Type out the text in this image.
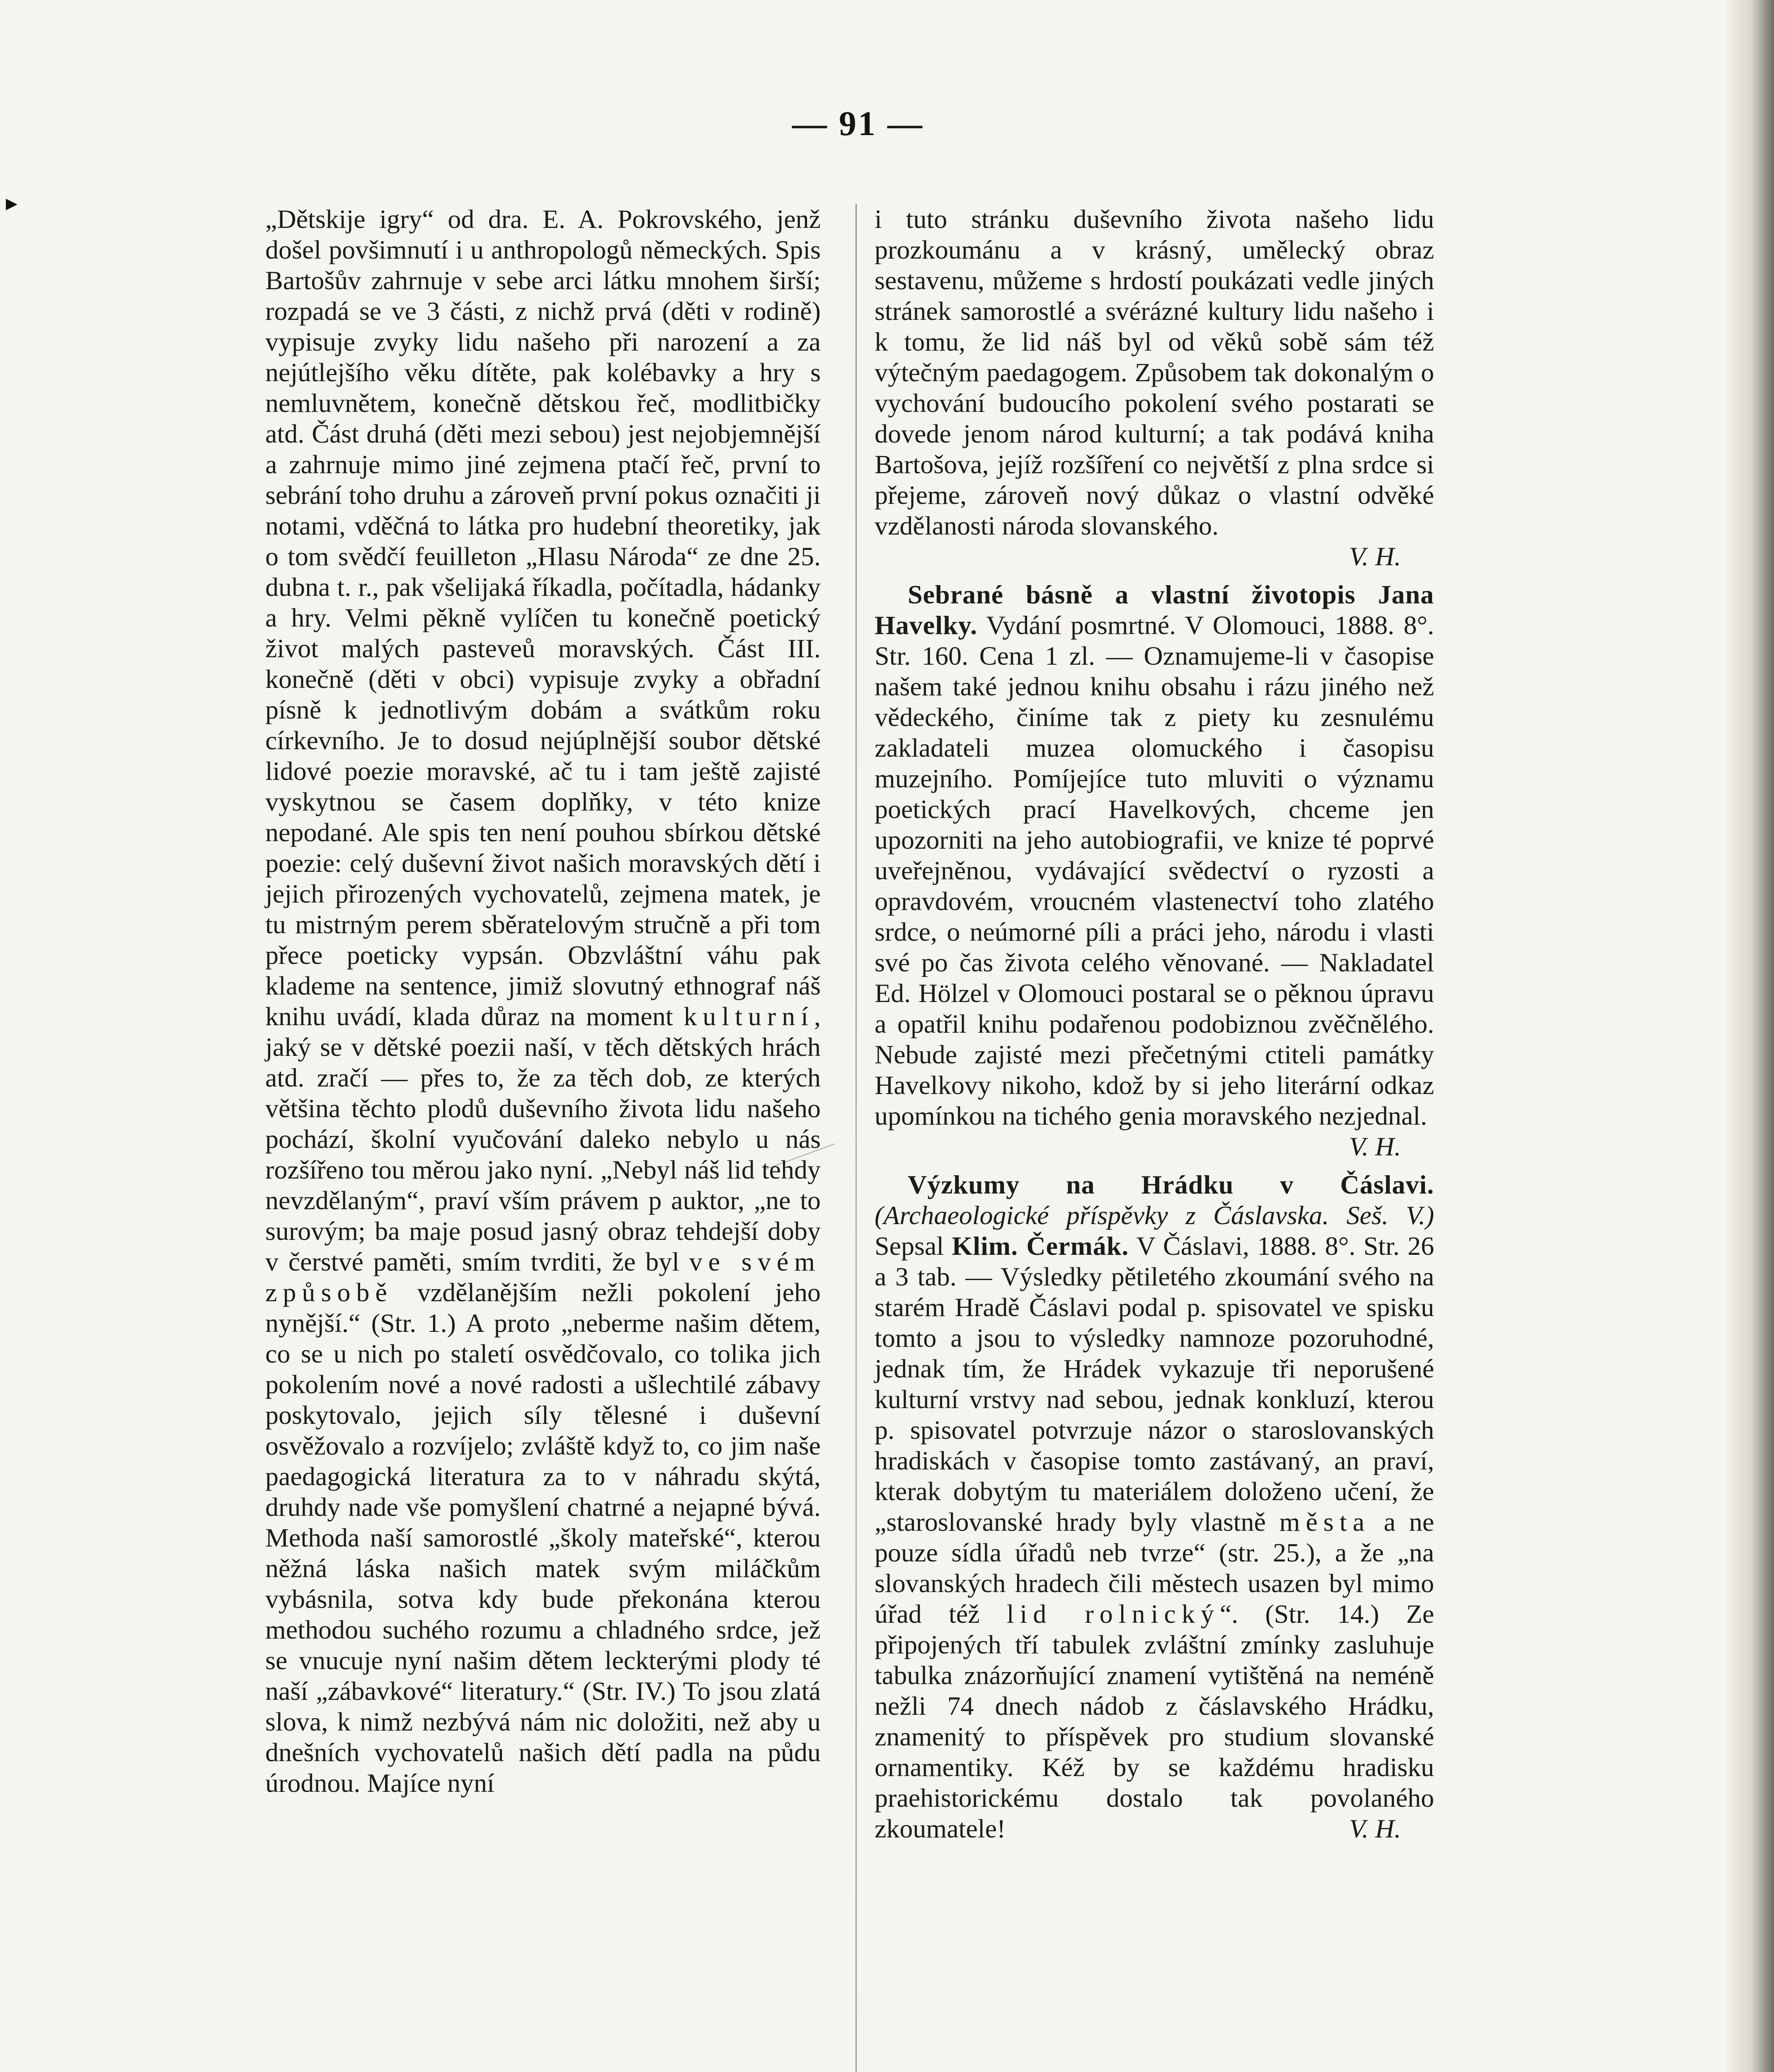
▸
— 91 —

„Dětskije igry“ od dra. E. A. Pokrovského, jenž došel povšimnutí i u anthropologů německých. Spis Bartošův zahrnuje v sebe arci látku mnohem širší; rozpadá se ve 3 části, z nichž prvá (děti v rodině) vypisuje zvyky lidu našeho při narození a za nejútlejšího věku dítěte, pak kolébavky a hry s nemluvnětem, konečně dětskou řeč, modlitbičky atd. Část druhá (děti mezi sebou) jest nejobjemnější a zahrnuje mimo jiné zejmena ptačí řeč, první to sebrání toho druhu a zároveň první pokus označiti ji notami, vděčná to látka pro hudební theoretiky, jak o tom svědčí feuilleton „Hlasu Národa“ ze dne 25. dubna t. r., pak všelijaká říkadla, počítadla, hádanky a hry. Velmi pěkně vylíčen tu konečně poetický život malých pasteveů moravských. Část III. konečně (děti v obci) vypisuje zvyky a obřadní písně k jednotlivým dobám a svátkům roku církevního. Je to dosud nejúplnější soubor dětské lidové poezie moravské, ač tu i tam ještě zajisté vyskytnou se časem doplňky, v této knize nepodané. Ale spis ten není pouhou sbírkou dětské poezie: celý duševní život našich moravských dětí i jejich přirozených vychovatelů, zejmena matek, je tu mistrným perem sběratelovým stručně a při tom přece poeticky vypsán. Obzvláštní váhu pak klademe na sentence, jimiž slovutný ethnograf náš knihu uvádí, klada důraz na moment kulturní, jaký se v dětské poezii naší, v těch dětských hrách atd. zračí — přes to, že za těch dob, ze kterých většina těchto plodů duševního života lidu našeho pochází, školní vyučování daleko nebylo u nás rozšířeno tou měrou jako nyní. „Nebyl náš lid tehdy nevzdělaným“, praví vším právem p auktor, „ne to surovým; ba maje posud jasný obraz tehdejší doby v čerstvé paměti, smím tvrditi, že byl ve svém způsobě vzdělanějším nežli pokolení jeho nynější.“ (Str. 1.) A proto „neberme našim dětem, co se u nich po staletí osvědčovalo, co tolika jich pokolením nové a nové radosti a ušlechtilé zábavy poskytovalo, jejich síly tělesné i duševní osvěžovalo a rozvíjelo; zvláště když to, co jim naše paedagogická literatura za to v náhradu skýtá, druhdy nade vše pomyšlení chatrné a nejapné bývá. Methoda naší samorostlé „školy mateřské“, kterou něžná láska našich matek svým miláčkům vybásnila, sotva kdy bude překonána kterou methodou suchého rozumu a chladného srdce, jež se vnucuje nyní našim dětem leckterými plody té naší „zábavkové“ literatury.“ (Str. IV.) To jsou zlatá slova, k nimž nezbývá nám nic doložiti, než aby u dnešních vychovatelů našich dětí padla na půdu úrodnou. Majíce nyní

i tuto stránku duševního života našeho lidu prozkoumánu a v krásný, umělecký obraz sestavenu, můžeme s hrdostí poukázati vedle jiných stránek samorostlé a svérázné kultury lidu našeho i k tomu, že lid náš byl od věků sobě sám též výtečným paedagogem. Způsobem tak dokonalým o vychování budoucího pokolení svého postarati se dovede jenom národ kulturní; a tak podává kniha Bartošova, jejíž rozšíření co největší z plna srdce si přejeme, zároveň nový důkaz o vlastní odvěké vzdělanosti národa slovanského.

V. H.

Sebrané básně a vlastní životopis Jana Havelky. Vydání posmrtné. V Olomouci, 1888. 8°. Str. 160. Cena 1 zl. — Oznamujeme-li v časopise našem také jednou knihu obsahu i rázu jiného než vědeckého, činíme tak z piety ku zesnulému zakladateli muzea olomuckého i časopisu muzejního. Pomíjejíce tuto mluviti o významu poetických prací Havelkových, chceme jen upozorniti na jeho autobiografii, ve knize té poprvé uveřejněnou, vydávající svědectví o ryzosti a opravdovém, vroucném vlastenectví toho zlatého srdce, o neúmorné píli a práci jeho, národu i vlasti své po čas života celého věnované. — Nakladatel Ed. Hölzel v Olomouci postaral se o pěknou úpravu a opatřil knihu podařenou podobiznou zvěčnělého. Nebude zajisté mezi přečetnými ctiteli památky Havelkovy nikoho, kdož by si jeho literární odkaz upomínkou na tichého genia moravského nezjednal.

V. H.

Výzkumy na Hrádku v Čáslavi. (Archaeologické příspěvky z Čáslavska. Seš. V.) Sepsal Klim. Čermák. V Čáslavi, 1888. 8°. Str. 26 a 3 tab. — Výsledky pětiletého zkoumání svého na starém Hradě Čáslavi podal p. spisovatel ve spisku tomto a jsou to výsledky namnoze pozoruhodné, jednak tím, že Hrádek vykazuje tři neporušené kulturní vrstvy nad sebou, jednak konkluzí, kterou p. spisovatel potvrzuje názor o staroslovanských hradiskách v časopise tomto zastávaný, an praví, kterak dobytým tu materiálem doloženo učení, že „staroslovanské hrady byly vlastně města a ne pouze sídla úřadů neb tvrze“ (str. 25.), a že „na slovanských hradech čili městech usazen byl mimo úřad též lid rolnický“. (Str. 14.) Ze připojených tří tabulek zvláštní zmínky zasluhuje tabulka znázorňující znamení vytištěná na neméně nežli 74 dnech nádob z čáslavského Hrádku, znamenitý to příspěvek pro studium slovanské ornamentiky. Kéž by se každému hradisku praehistorickému dostalo tak povolaného zkoumatele!	V. H.
